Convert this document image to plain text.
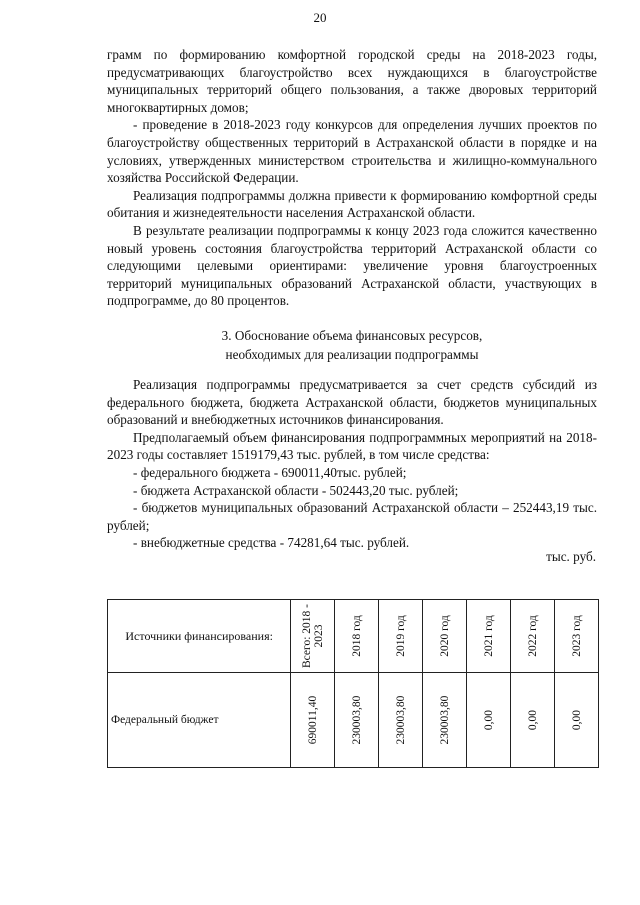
20

грамм по формированию комфортной городской среды на 2018-2023 годы, предусматривающих благоустройство всех нуждающихся в благоустройстве муниципальных территорий общего пользования, а также дворовых территорий многоквартирных домов;

- проведение в 2018-2023 году конкурсов для определения лучших проектов по благоустройству общественных территорий в Астраханской области в порядке и на условиях, утвержденных министерством строительства и жилищно-коммунального хозяйства Российской Федерации.

Реализация подпрограммы должна привести к формированию комфортной среды обитания и жизнедеятельности населения Астраханской области.

В результате реализации подпрограммы к концу 2023 года сложится качественно новый уровень состояния благоустройства территорий Астраханской области со следующими целевыми ориентирами: увеличение уровня благоустроенных территорий муниципальных образований Астраханской области, участвующих в подпрограмме, до 80 процентов.

3. Обоснование объема финансовых ресурсов,
необходимых для реализации подпрограммы

Реализация подпрограммы предусматривается за счет средств субсидий из федерального бюджета, бюджета Астраханской области, бюджетов муниципальных образований и внебюджетных источников финансирования.

Предполагаемый объем финансирования подпрограммных мероприятий на 2018-2023 годы составляет 1519179,43 тыс. рублей, в том числе средства:

- федерального бюджета - 690011,40тыс. рублей;

- бюджета Астраханской области - 502443,20 тыс. рублей;

- бюджетов муниципальных образований Астраханской области – 252443,19 тыс. рублей;

- внебюджетные средства - 74281,64 тыс. рублей.

тыс. руб.
Источники финансирования:	Всего: 2018 - 2023	2018 год	2019 год	2020 год	2021 год	2022 год	2023 год

Федеральный бюджет	690011,40	230003,80	230003,80	230003,80	0,00	0,00	0,00
